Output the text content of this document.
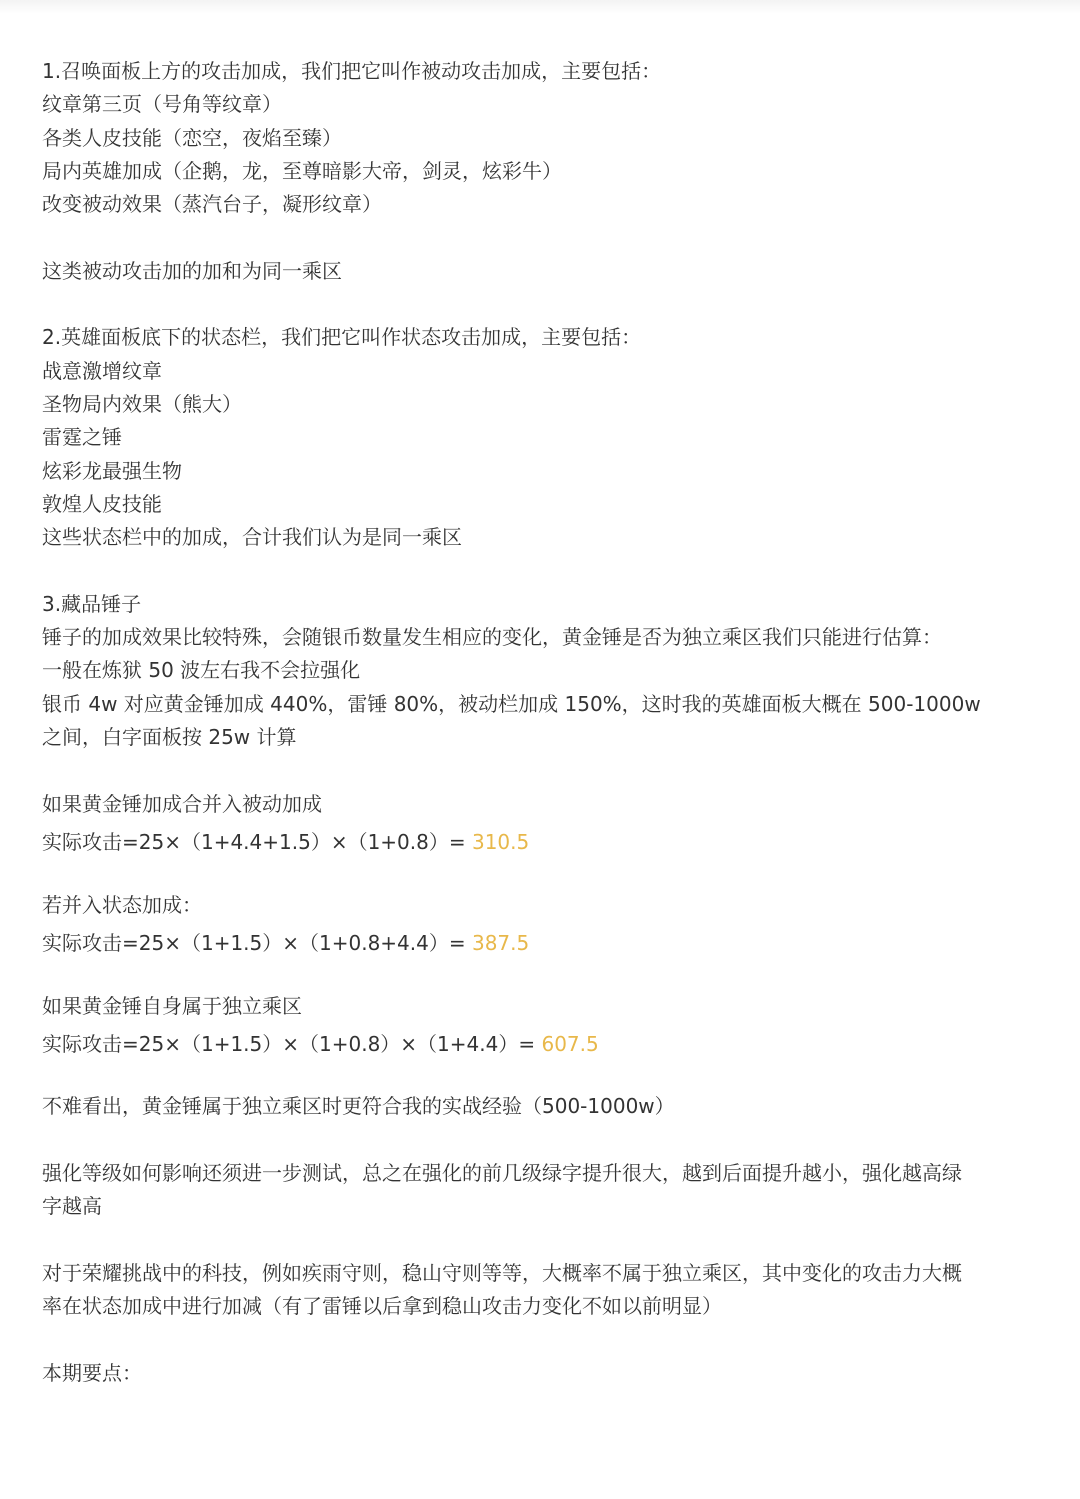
1.召唤面板上方的攻击加成，我们把它叫作被动攻击加成，主要包括：
纹章第三页（号角等纹章）
各类人皮技能（恋空，夜焰至臻）
局内英雄加成（企鹅，龙，至尊暗影大帝，剑灵，炫彩牛）
改变被动效果（蒸汽台子，凝形纹章）
这类被动攻击加的加和为同一乘区
2.英雄面板底下的状态栏，我们把它叫作状态攻击加成，主要包括：
战意激增纹章
圣物局内效果（熊大）
雷霆之锤
炫彩龙最强生物
敦煌人皮技能
这些状态栏中的加成，合计我们认为是同一乘区
3.藏品锤子
锤子的加成效果比较特殊，会随银币数量发生相应的变化，黄金锤是否为独立乘区我们只能进行估算：
一般在炼狱 50 波左右我不会拉强化
银币 4w 对应黄金锤加成 440%，雷锤 80%，被动栏加成 150%，这时我的英雄面板大概在 500-1000w
之间，白字面板按 25w 计算
如果黄金锤加成合并入被动加成
实际攻击=25×（1+4.4+1.5）×（1+0.8）= 310.5
若并入状态加成：
实际攻击=25×（1+1.5）×（1+0.8+4.4）= 387.5
如果黄金锤自身属于独立乘区
实际攻击=25×（1+1.5）×（1+0.8）×（1+4.4）= 607.5
不难看出，黄金锤属于独立乘区时更符合我的实战经验（500-1000w）
强化等级如何影响还须进一步测试，总之在强化的前几级绿字提升很大，越到后面提升越小，强化越高绿
字越高
对于荣耀挑战中的科技，例如疾雨守则，稳山守则等等，大概率不属于独立乘区，其中变化的攻击力大概
率在状态加成中进行加减（有了雷锤以后拿到稳山攻击力变化不如以前明显）
本期要点：
